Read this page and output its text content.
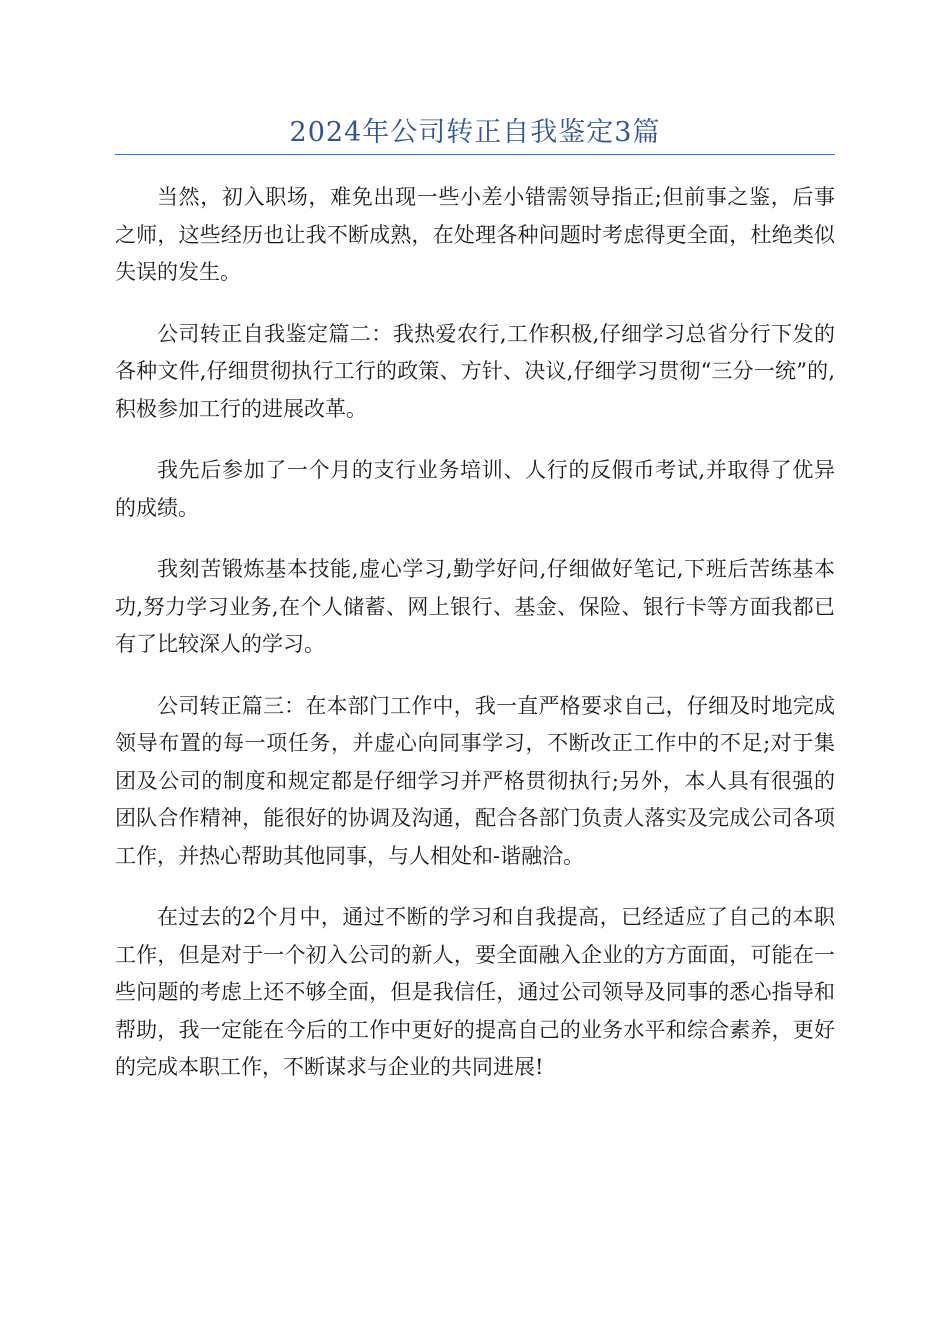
2024年公司转正自我鉴定3篇

当然，初入职场，难免出现一些小差小错需领导指正;但前事之鉴，后事之师，这些经历也让我不断成熟，在处理各种问题时考虑得更全面，杜绝类似失误的发生。

公司转正自我鉴定篇二：我热爱农行,工作积极,仔细学习总省分行下发的各种文件,仔细贯彻执行工行的政策、方针、决议,仔细学习贯彻“三分一统”的,积极参加工行的进展改革。

我先后参加了一个月的支行业务培训、人行的反假币考试,并取得了优异的成绩。

我刻苦锻炼基本技能,虚心学习,勤学好问,仔细做好笔记,下班后苦练基本功,努力学习业务,在个人储蓄、网上银行、基金、保险、银行卡等方面我都已有了比较深人的学习。

公司转正篇三：在本部门工作中，我一直严格要求自己，仔细及时地完成领导布置的每一项任务，并虚心向同事学习，不断改正工作中的不足;对于集团及公司的制度和规定都是仔细学习并严格贯彻执行;另外，本人具有很强的团队合作精神，能很好的协调及沟通，配合各部门负责人落实及完成公司各项工作，并热心帮助其他同事，与人相处和-谐融洽。

在过去的2个月中，通过不断的学习和自我提高，已经适应了自己的本职工作，但是对于一个初入公司的新人，要全面融入企业的方方面面，可能在一些问题的考虑上还不够全面，但是我信任，通过公司领导及同事的悉心指导和帮助，我一定能在今后的工作中更好的提高自己的业务水平和综合素养，更好的完成本职工作，不断谋求与企业的共同进展!
